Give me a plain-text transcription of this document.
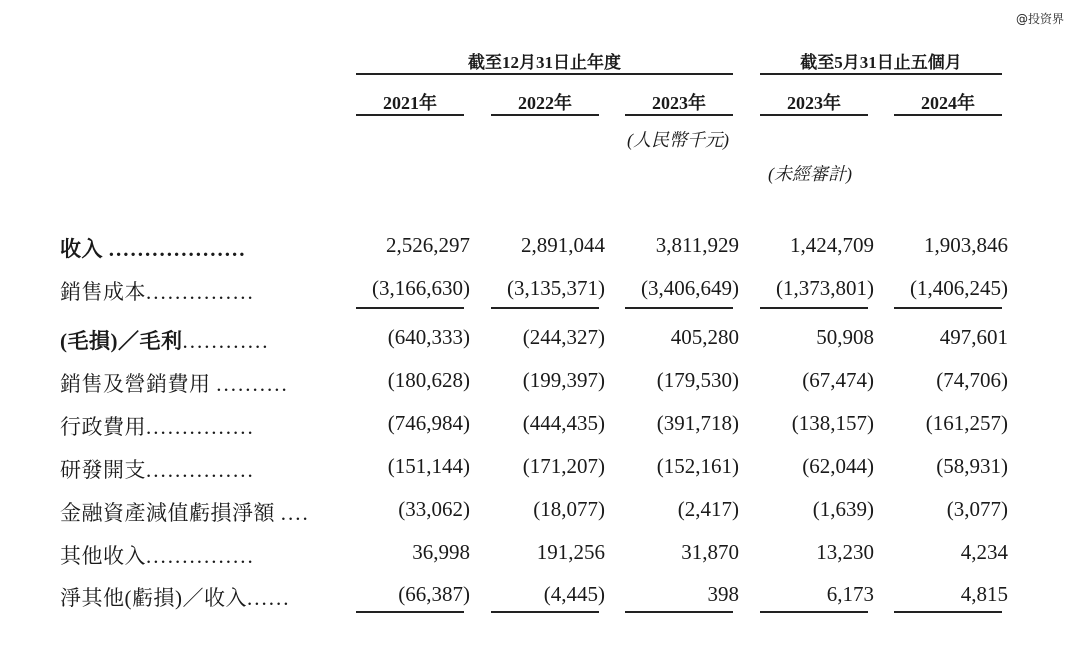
@投资界
截至12月31日止年度	截至5月31日止五個月
2021年	2022年	2023年	2023年	2024年
(人民幣千元)
(未經審計)
收入 ...................	2,526,297	2,891,044	3,811,929	1,424,709	1,903,846
銷售成本...............	(3,166,630)	(3,135,371)	(3,406,649)	(1,373,801)	(1,406,245)
(毛損)／毛利............	(640,333)	(244,327)	405,280	50,908	497,601
銷售及營銷費用 ..........	(180,628)	(199,397)	(179,530)	(67,474)	(74,706)
行政費用...............	(746,984)	(444,435)	(391,718)	(138,157)	(161,257)
研發開支...............	(151,144)	(171,207)	(152,161)	(62,044)	(58,931)
金融資產減值虧損淨額 ....	(33,062)	(18,077)	(2,417)	(1,639)	(3,077)
其他收入...............	36,998	191,256	31,870	13,230	4,234
淨其他(虧損)／收入......	(66,387)	(4,445)	398	6,173	4,815
